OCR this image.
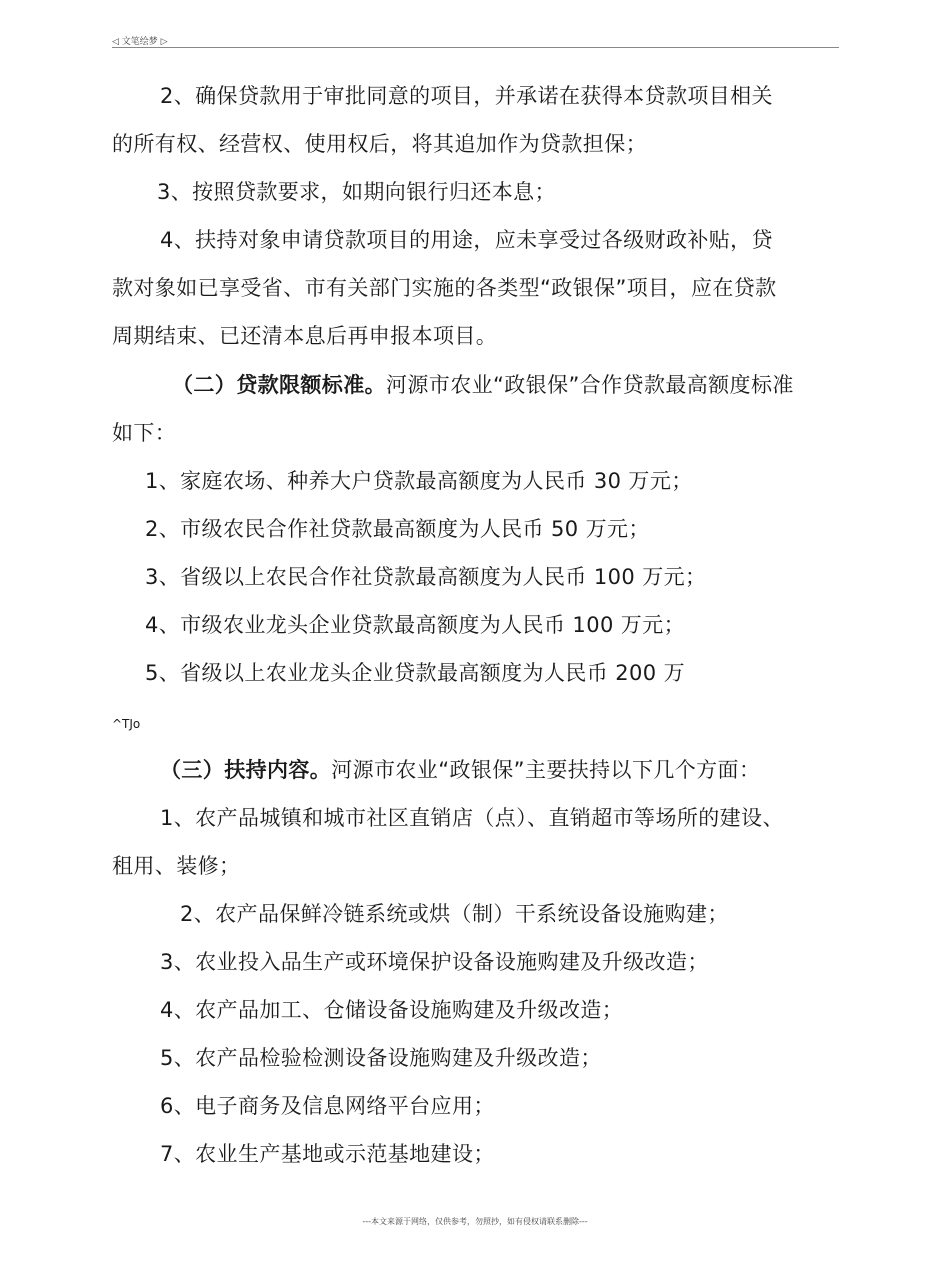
◁ 文笔绘梦 ▷
2、确保贷款用于审批同意的项目，并承诺在获得本贷款项目相关
的所有权、经营权、使用权后，将其追加作为贷款担保；
3、按照贷款要求，如期向银行归还本息；
4、扶持对象申请贷款项目的用途，应未享受过各级财政补贴，贷
款对象如已享受省、市有关部门实施的各类型“政银保”项目，应在贷款
周期结束、已还清本息后再申报本项目。
（二）贷款限额标准。河源市农业“政银保”合作贷款最高额度标准
如下：
1、家庭农场、种养大户贷款最高额度为人民币 30 万元；
2、市级农民合作社贷款最高额度为人民币 50 万元；
3、省级以上农民合作社贷款最高额度为人民币 100 万元；
4、市级农业龙头企业贷款最高额度为人民币 100 万元；
5、省级以上农业龙头企业贷款最高额度为人民币 200 万
^TJo
（三）扶持内容。河源市农业“政银保”主要扶持以下几个方面：
1、农产品城镇和城市社区直销店（点）、直销超市等场所的建设、
租用、装修；
2、农产品保鲜冷链系统或烘（制）干系统设备设施购建；
3、农业投入品生产或环境保护设备设施购建及升级改造；
4、农产品加工、仓储设备设施购建及升级改造；
5、农产品检验检测设备设施购建及升级改造；
6、电子商务及信息网络平台应用；
7、农业生产基地或示范基地建设；
---本文来源于网络，仅供参考，勿照抄，如有侵权请联系删除---
